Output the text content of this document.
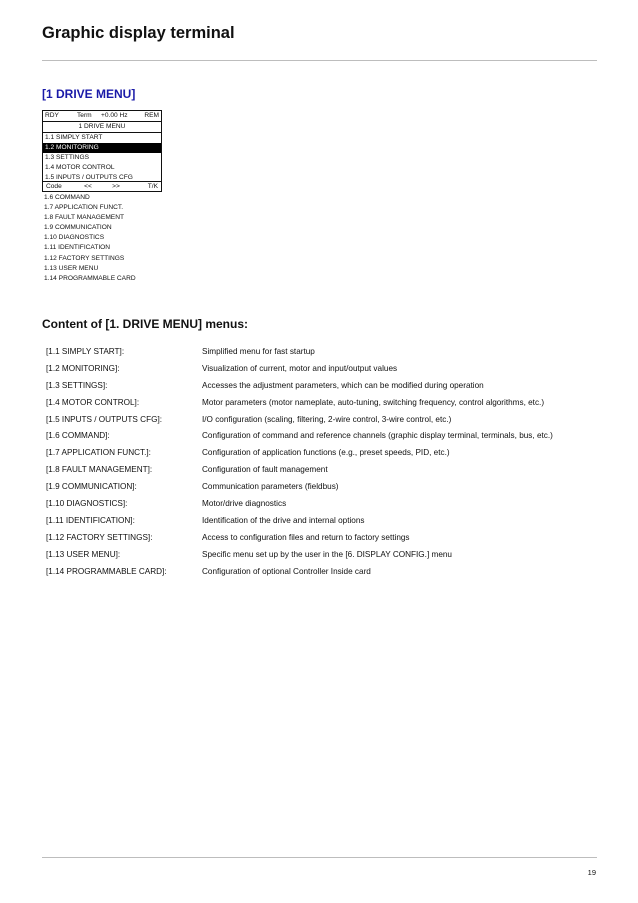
Graphic display terminal
[1 DRIVE MENU]
RDY	Term	+0.00 Hz	REM
1 DRIVE MENU
1.1 SIMPLY START
1.2 MONITORING
1.3 SETTINGS
1.4 MOTOR CONTROL
1.5 INPUTS / OUTPUTS CFG
Code	<<	>>	T/K
1.6 COMMAND
1.7 APPLICATION FUNCT.
1.8 FAULT MANAGEMENT
1.9 COMMUNICATION
1.10 DIAGNOSTICS
1.11 IDENTIFICATION
1.12 FACTORY SETTINGS
1.13 USER MENU
1.14 PROGRAMMABLE CARD
Content of [1. DRIVE MENU] menus:
[1.1 SIMPLY START]:	Simplified menu for fast startup
[1.2 MONITORING]:	Visualization of current, motor and input/output values
[1.3 SETTINGS]:	Accesses the adjustment parameters, which can be modified during operation
[1.4 MOTOR CONTROL]:	Motor parameters (motor nameplate, auto-tuning, switching frequency, control algorithms, etc.)
[1.5 INPUTS / OUTPUTS CFG]:	I/O configuration (scaling, filtering, 2-wire control, 3-wire control, etc.)
[1.6 COMMAND]:	Configuration of command and reference channels (graphic display terminal, terminals, bus, etc.)
[1.7 APPLICATION FUNCT.]:	Configuration of application functions (e.g., preset speeds, PID, etc.)
[1.8 FAULT MANAGEMENT]:	Configuration of fault management
[1.9 COMMUNICATION]:	Communication parameters (fieldbus)
[1.10 DIAGNOSTICS]:	Motor/drive diagnostics
[1.11 IDENTIFICATION]:	Identification of the drive and internal options
[1.12 FACTORY SETTINGS]:	Access to configuration files and return to factory settings
[1.13 USER MENU]:	Specific menu set up by the user in the [6. DISPLAY CONFIG.] menu
[1.14 PROGRAMMABLE CARD]:	Configuration of optional Controller Inside card
19
